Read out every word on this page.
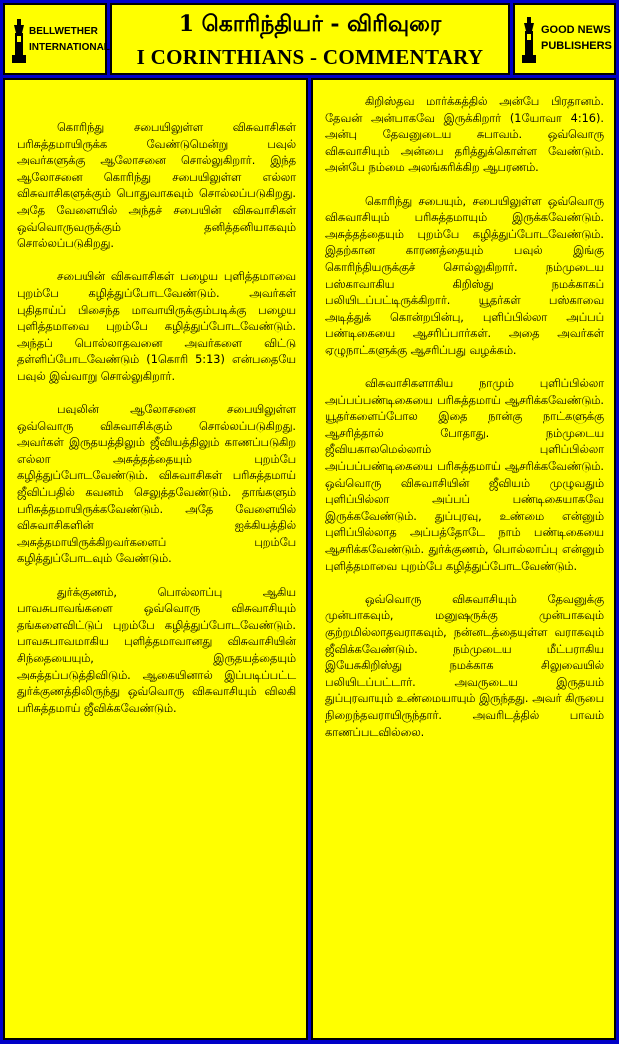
BELLWETHER
INTERNATIONAL
1 கொரிந்தியர் - விரிவுரை
I CORINTHIANS - COMMENTARY
GOOD NEWS
PUBLISHERS

கொரிந்து சபையிலுள்ள விசுவாசிகள் பரிசுத்தமாயிருக்க வேண்டுமென்று பவுல் அவர்களுக்கு ஆலோசனை சொல்லுகிறார். இந்த ஆலோசனை கொரிந்து சபையிலுள்ள எல்லா விசுவாசிகளுக்கும் பொதுவாகவும் சொல்லப்படுகிறது. அதே வேளையில் அந்தச் சபையின் விசுவாசிகள் ஒவ்வொருவருக்கும் தனித்தனியாகவும் சொல்லப்படுகிறது.

சபையின் விசுவாசிகள் பழைய புளித்தமாவை புறம்பே கழித்துப்போடவேண்டும். அவர்கள் புதிதாய்ப் பிசைந்த மாவாயிருக்கும்படிக்கு பழைய புளித்தமாவை புறம்பே கழித்துப்போடவேண்டும். அந்தப் பொல்லாதவனை அவர்களை விட்டு தள்ளிப்போடவேண்டும் (1கொரி 5:13) என்பதையே பவுல் இவ்வாறு சொல்லுகிறார்.

பவுலின் ஆலோசனை சபையிலுள்ள ஒவ்வொரு விசுவாசிக்கும் சொல்லப்படுகிறது. அவர்கள் இருதயத்திலும் ஜீவியத்திலும் காணப்படுகிற எல்லா அசுத்தத்தையும் புறம்பே கழித்துப்போடவேண்டும். விசுவாசிகள் பரிசுத்தமாய் ஜீவிப்பதில் கவனம் செலுத்தவேண்டும். தாங்களும் பரிசுத்தமாயிருக்கவேண்டும். அதே வேளையில் விசுவாசிகளின் ஐக்கியத்தில் அசுத்தமாயிருக்கிறவர்களைப் புறம்பே கழித்துப்போடவும் வேண்டும்.

துர்க்குணம், பொல்லாப்பு ஆகிய பாவசுபாவங்களை ஒவ்வொரு விசுவாசியும் தங்களைவிட்டுப் புறம்பே கழித்துப்போடவேண்டும். பாவசுபாவமாகிய புளித்தமாவானது விசுவாசியின் சிந்தையையும், இருதயத்தையும் அசுத்தப்படுத்திவிடும். ஆகையினால் இப்படிப்பட்ட துர்க்குணத்திலிருந்து ஒவ்வொரு விசுவாசியும் விலகி பரிசுத்தமாய் ஜீவிக்கவேண்டும்.

கிறிஸ்தவ மார்க்கத்தில் அன்பே பிரதானம். தேவன் அன்பாகவே இருக்கிறார் (1யோவா 4:16). அன்பு தேவனுடைய சுபாவம். ஒவ்வொரு விசுவாசியும் அன்பை தரித்துக்கொள்ள வேண்டும். அன்பே நம்மை அலங்கரிக்கிற ஆபரணம்.

கொரிந்து சபையும், சபையிலுள்ள ஒவ்வொரு விசுவாசியும் பரிசுத்தமாயும் இருக்கவேண்டும். அசுத்தத்தையும் புறம்பே கழித்துப்போடவேண்டும். இதற்கான காரணத்தையும் பவுல் இங்கு கொரிந்தியருக்குச் சொல்லுகிறார். நம்முடைய பஸ்காவாகிய கிறிஸ்து நமக்காகப் பலியிடப்பட்டிருக்கிறார். யூதர்கள் பஸ்காவை அடித்துக் கொன்றபின்பு, புளிப்பில்லா அப்பப் பண்டிகையை ஆசரிப்பார்கள். அதை அவர்கள் ஏழுநாட்களுக்கு ஆசரிப்பது வழக்கம்.

விசுவாசிகளாகிய நாமும் புளிப்பில்லா அப்பப்பண்டிகையை பரிசுத்தமாய் ஆசரிக்கவேண்டும். யூதர்களைப்போல இதை நான்கு நாட்களுக்கு ஆசரித்தால் போதாது. நம்முடைய ஜீவியகாலமெல்லாம் புளிப்பில்லா அப்பப்பண்டிகையை பரிசுத்தமாய் ஆசரிக்கவேண்டும். ஒவ்வொரு விசுவாசியின் ஜீவியம் முழுவதும் புளிப்பில்லா அப்பப் பண்டிகையாகவே இருக்கவேண்டும். துப்புரவு, உண்மை என்னும் புளிப்பில்லாத அப்பத்தோடே நாம் பண்டிகையை ஆசரிக்கவேண்டும். துர்க்குணம், பொல்லாப்பு என்னும் புளித்தமாவை புறம்பே கழித்துப்போடவேண்டும்.

ஒவ்வொரு விசுவாசியும் தேவனுக்கு முன்பாகவும், மனுஷருக்கு முன்பாகவும் குற்றமில்லாதவராகவும், நன்னடத்தையுள்ள வராகவும் ஜீவிக்கவேண்டும். நம்முடைய மீட்பராகிய இயேசுகிறிஸ்து நமக்காக சிலுவையில் பலியிடப்பட்டார். அவருடைய இருதயம் துப்புரவாயும் உண்மையாயும் இருந்தது. அவர் கிருபை நிறைந்தவராயிருந்தார். அவரிடத்தில் பாவம் காணப்படவில்லை.
